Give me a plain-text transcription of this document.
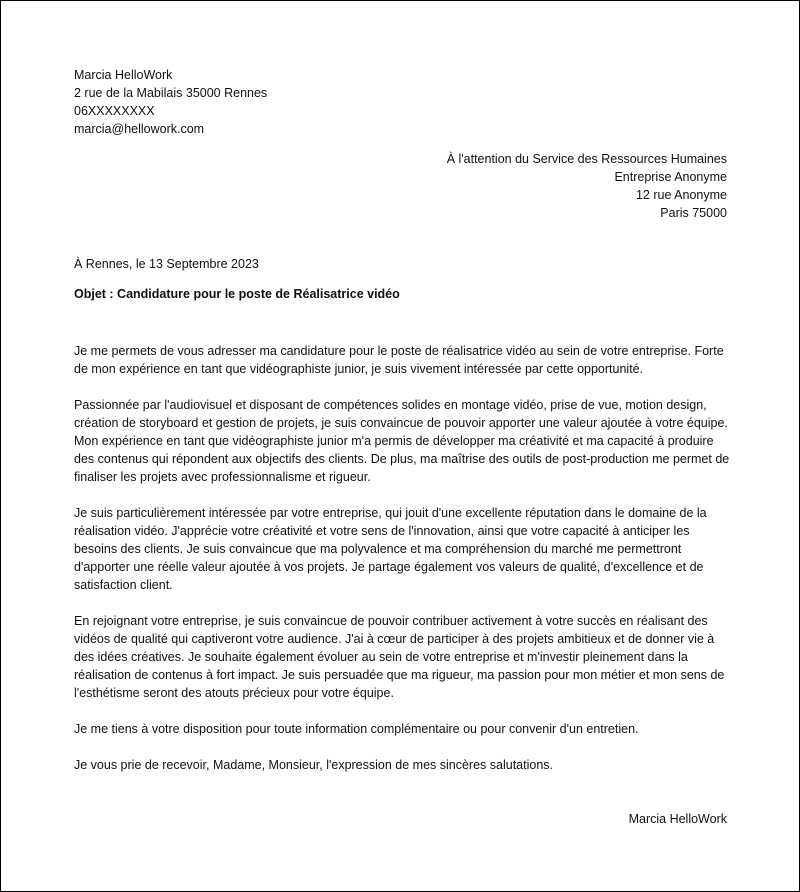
Marcia HelloWork
2 rue de la Mabilais 35000 Rennes
06XXXXXXXX
marcia@hellowork.com
À l'attention du Service des Ressources Humaines
Entreprise Anonyme
12 rue Anonyme
Paris 75000
À Rennes, le 13 Septembre 2023
Objet : Candidature pour le poste de Réalisatrice vidéo

Je me permets de vous adresser ma candidature pour le poste de réalisatrice vidéo au sein de votre entreprise. Forte de mon expérience en tant que vidéographiste junior, je suis vivement intéressée par cette opportunité.

Passionnée par l'audiovisuel et disposant de compétences solides en montage vidéo, prise de vue, motion design, création de storyboard et gestion de projets, je suis convaincue de pouvoir apporter une valeur ajoutée à votre équipe. Mon expérience en tant que vidéographiste junior m'a permis de développer ma créativité et ma capacité à produire des contenus qui répondent aux objectifs des clients. De plus, ma maîtrise des outils de post-production me permet de finaliser les projets avec professionnalisme et rigueur.

Je suis particulièrement intéressée par votre entreprise, qui jouit d'une excellente réputation dans le domaine de la réalisation vidéo. J'apprécie votre créativité et votre sens de l'innovation, ainsi que votre capacité à anticiper les besoins des clients. Je suis convaincue que ma polyvalence et ma compréhension du marché me permettront d'apporter une réelle valeur ajoutée à vos projets. Je partage également vos valeurs de qualité, d'excellence et de satisfaction client.

En rejoignant votre entreprise, je suis convaincue de pouvoir contribuer activement à votre succès en réalisant des vidéos de qualité qui captiveront votre audience. J'ai à cœur de participer à des projets ambitieux et de donner vie à des idées créatives. Je souhaite également évoluer au sein de votre entreprise et m'investir pleinement dans la réalisation de contenus à fort impact. Je suis persuadée que ma rigueur, ma passion pour mon métier et mon sens de l'esthétisme seront des atouts précieux pour votre équipe.

Je me tiens à votre disposition pour toute information complémentaire ou pour convenir d'un entretien.

Je vous prie de recevoir, Madame, Monsieur, l'expression de mes sincères salutations.

Marcia HelloWork
